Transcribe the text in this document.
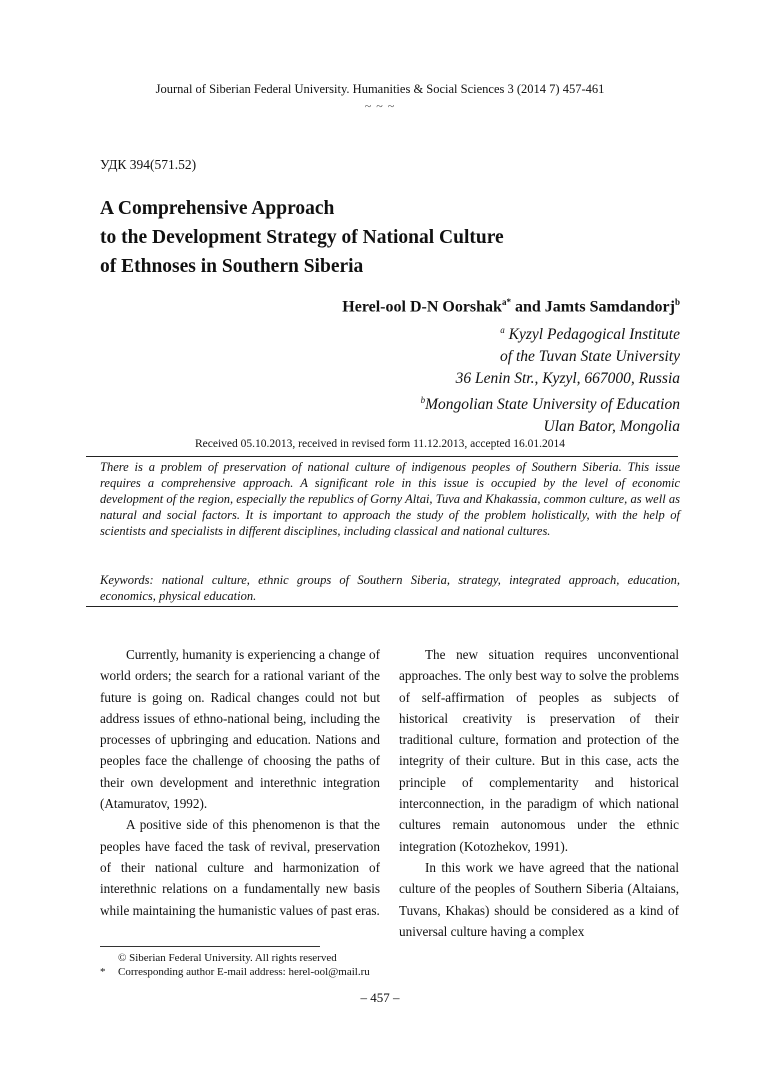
Journal of Siberian Federal University. Humanities & Social Sciences 3 (2014 7) 457-461
~ ~ ~
УДК 394(571.52)
A Comprehensive Approach
to the Development Strategy of National Culture
of Ethnoses in Southern Siberia
Herel-ool D-N Oorshak$^{a*}$ and Jamts Samdandorj$^b$
$^a$ Kyzyl Pedagogical Institute
of the Tuvan State University
36 Lenin Str., Kyzyl, 667000, Russia
$^b$Mongolian State University of Education
Ulan Bator, Mongolia
Received 05.10.2013, received in revised form 11.12.2013, accepted 16.01.2014
There is a problem of preservation of national culture of indigenous peoples of Southern Siberia. This issue requires a comprehensive approach. A significant role in this issue is occupied by the level of economic development of the region, especially the republics of Gorny Altai, Tuva and Khakassia, common culture, as well as natural and social factors. It is important to approach the study of the problem holistically, with the help of scientists and specialists in different disciplines, including classical and national cultures.
Keywords: national culture, ethnic groups of Southern Siberia, strategy, integrated approach, education, economics, physical education.

Currently, humanity is experiencing a change of world orders; the search for a rational variant of the future is going on. Radical changes could not but address issues of ethno-national being, including the processes of upbringing and education. Nations and peoples face the challenge of choosing the paths of their own development and interethnic integration (Atamuratov, 1992).

A positive side of this phenomenon is that the peoples have faced the task of revival, preservation of their national culture and harmonization of interethnic relations on a fundamentally new basis while maintaining the humanistic values of past eras.

The new situation requires unconventional approaches. The only best way to solve the problems of self-affirmation of peoples as subjects of historical creativity is preservation of their traditional culture, formation and protection of the integrity of their culture. But in this case, acts the principle of complementarity and historical interconnection, in the paradigm of which national cultures remain autonomous under the ethnic integration (Kotozhekov, 1991).

In this work we have agreed that the national culture of the peoples of Southern Siberia (Altaians, Tuvans, Khakas) should be considered as a kind of universal culture having a complex

© Siberian Federal University. All rights reserved
* Corresponding author E-mail address: herel-ool@mail.ru
– 457 –
